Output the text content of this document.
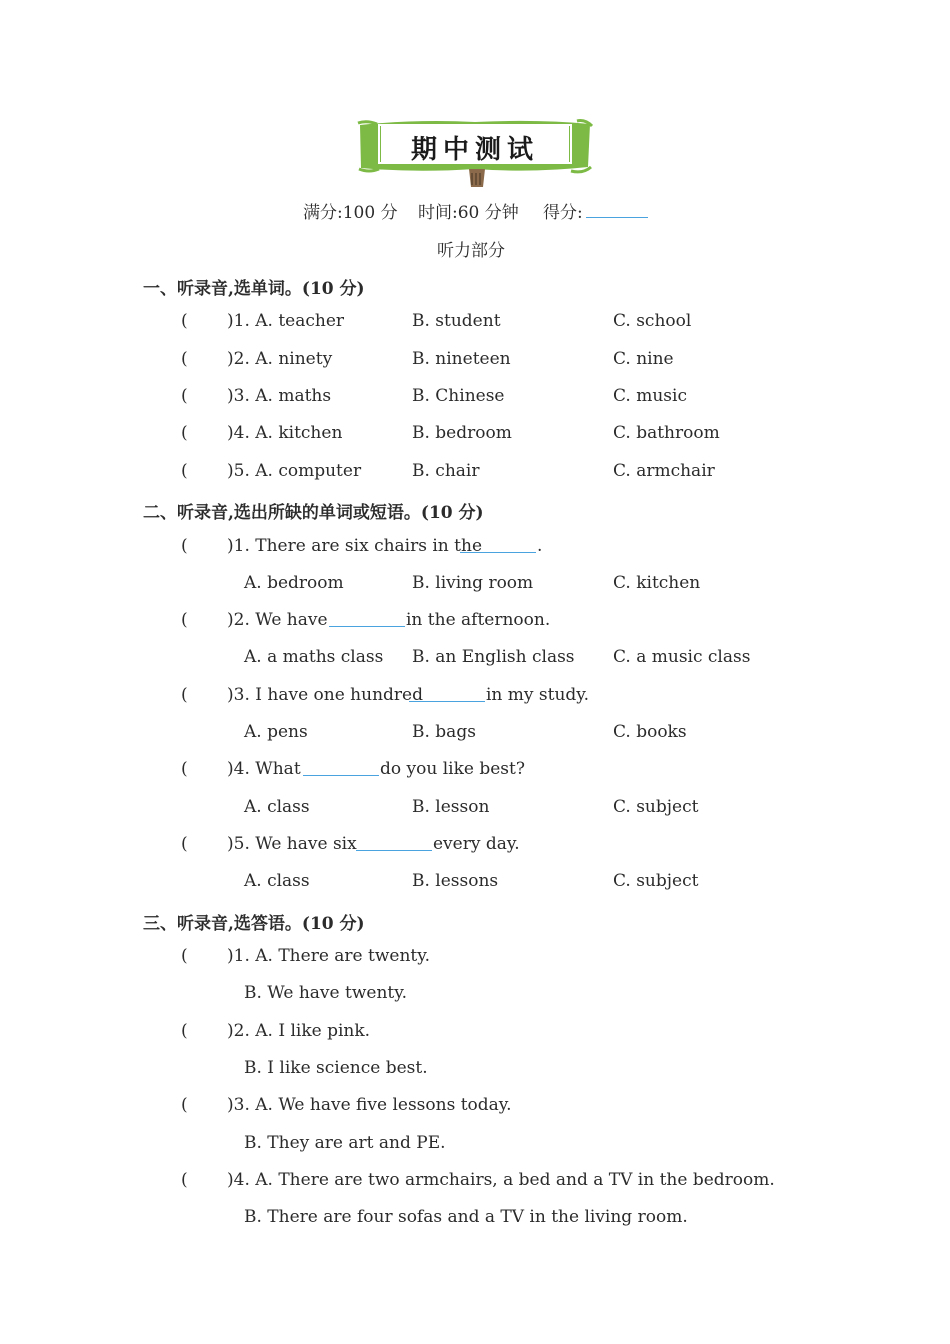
期中测试
满分:100 分 时间:60 分钟 得分:
听力部分
一、听录音,选单词。(10 分)
( )1. A. teacher	B. student	C. school
( )2. A. ninety	B. nineteen	C. nine
( )3. A. maths	B. Chinese	C. music
( )4. A. kitchen	B. bedroom	C. bathroom
( )5. A. computer	B. chair	C. armchair
二、听录音,选出所缺的单词或短语。(10 分)
( )1. There are six chairs in the	.
A. bedroom	B. living room	C. kitchen
( )2. We have	in the afternoon.
A. a maths class B. an English class C. a music class
( )3. I have one hundred	in my study.
A. pens	B. bags	C. books
( )4. What	do you like best?
A. class	B. lesson	C. subject
( )5. We have six	every day.
A. class	B. lessons	C. subject
三、听录音,选答语。(10 分)
( )1. A. There are twenty.
B. We have twenty.
( )2. A. I like pink.
B. I like science best.
( )3. A. We have five lessons today.
B. They are art and PE.
( )4. A. There are two armchairs, a bed and a TV in the bedroom.
B. There are four sofas and a TV in the living room.
